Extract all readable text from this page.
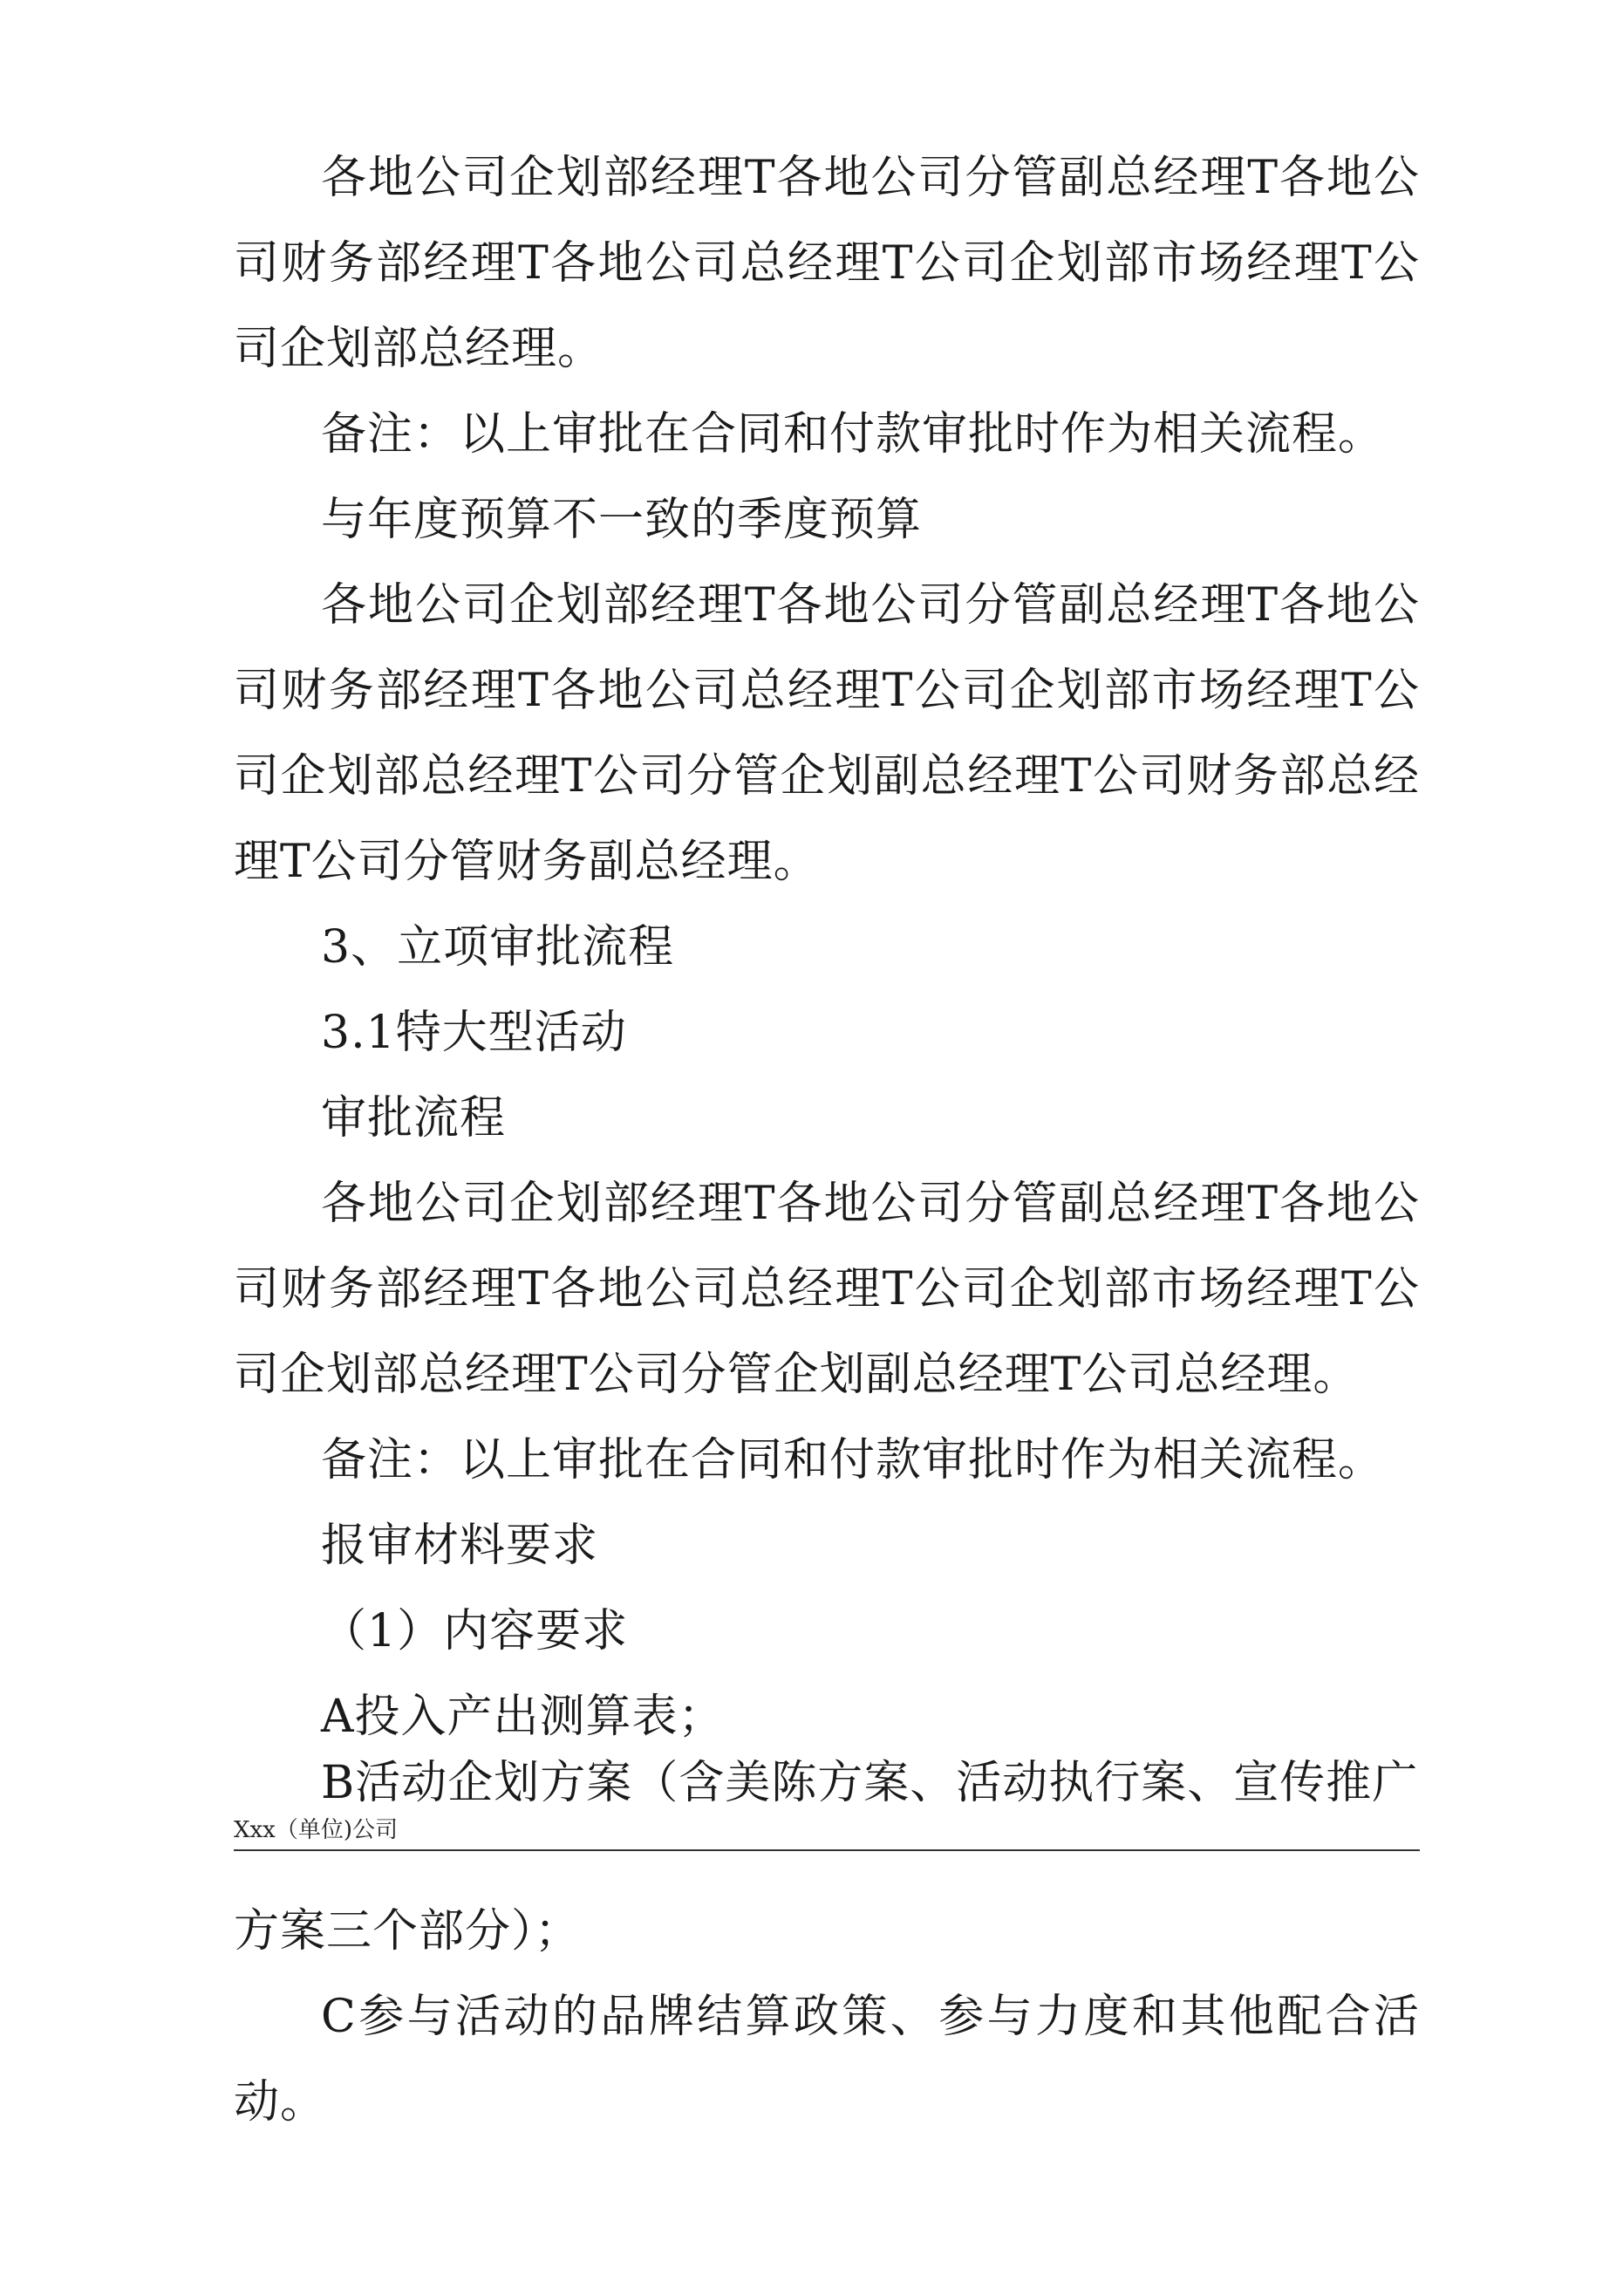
各地公司企划部经理T各地公司分管副总经理T各地公司财务部经理T各地公司总经理T公司企划部市场经理T公司企划部总经理。

备注：以上审批在合同和付款审批时作为相关流程。

与年度预算不一致的季度预算

各地公司企划部经理T各地公司分管副总经理T各地公司财务部经理T各地公司总经理T公司企划部市场经理T公司企划部总经理T公司分管企划副总经理T公司财务部总经理T公司分管财务副总经理。

3、立项审批流程

3.1特大型活动

审批流程

各地公司企划部经理T各地公司分管副总经理T各地公司财务部经理T各地公司总经理T公司企划部市场经理T公司企划部总经理T公司分管企划副总经理T公司总经理。

备注：以上审批在合同和付款审批时作为相关流程。

报审材料要求

（1）内容要求

A投入产出测算表；

B活动企划方案（含美陈方案、活动执行案、宣传推广

Xxx（单位)公司

方案三个部分）；

C参与活动的品牌结算政策、参与力度和其他配合活动。
